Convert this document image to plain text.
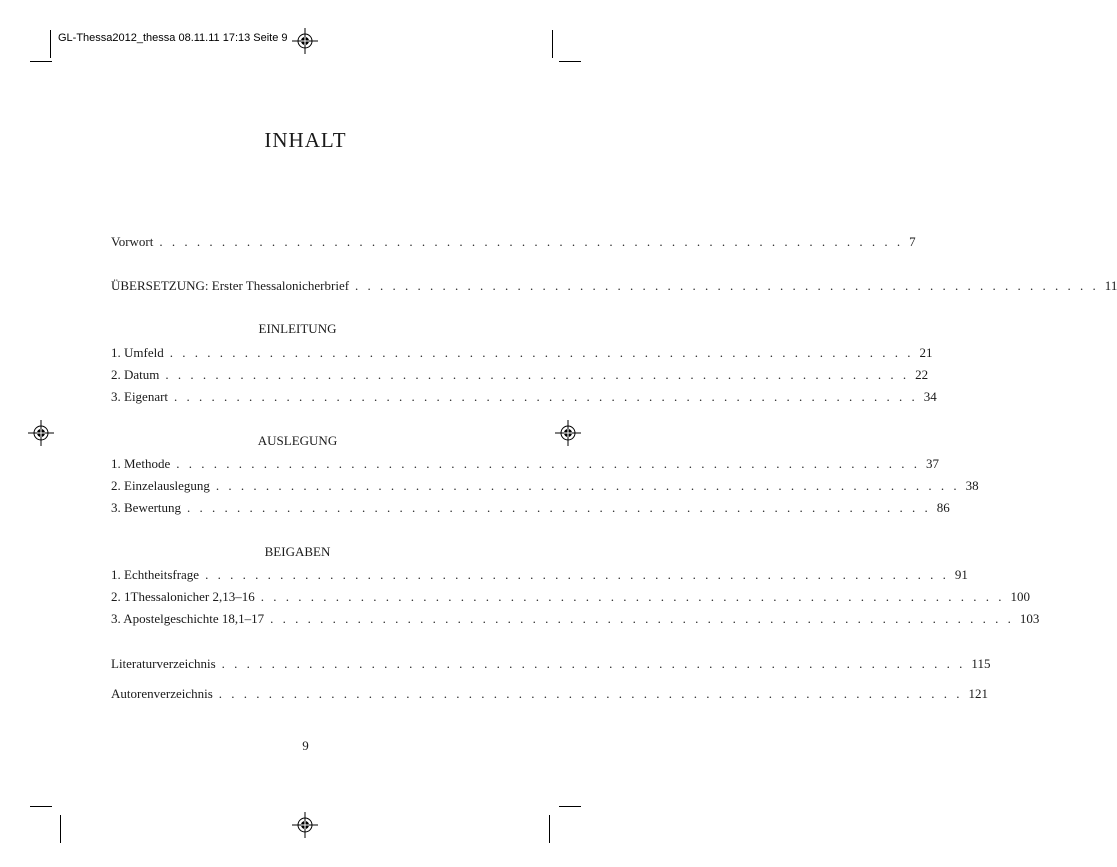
GL-Thessa2012_thessa 08.11.11 17:13 Seite 9
INHALT
Vorwort . . . . . . . . . . . . . . . . . . . . . . . . . . . . . . . . . . . . . . . . . . . . . . . . . . . . . . . . . . . . 7
ÜBERSETZUNG: Erster Thessalonicherbrief . . . . . . . . . . . . . . . . . . . . . . . . . . . . . . . . . . . . . . . . . . . . . . . . . . . . . . . . . . . . 11
EINLEITUNG
1. Umfeld . . . . . . . . . . . . . . . . . . . . . . . . . . . . . . . . . . . . . . . . . . . . . . . . . . . . . . . . . . . . 21
2. Datum . . . . . . . . . . . . . . . . . . . . . . . . . . . . . . . . . . . . . . . . . . . . . . . . . . . . . . . . . . . . 22
3. Eigenart . . . . . . . . . . . . . . . . . . . . . . . . . . . . . . . . . . . . . . . . . . . . . . . . . . . . . . . . . . . . 34
AUSLEGUNG
1. Methode . . . . . . . . . . . . . . . . . . . . . . . . . . . . . . . . . . . . . . . . . . . . . . . . . . . . . . . . . . . . 37
2. Einzelauslegung . . . . . . . . . . . . . . . . . . . . . . . . . . . . . . . . . . . . . . . . . . . . . . . . . . . . . . . . . . . . 38
3. Bewertung . . . . . . . . . . . . . . . . . . . . . . . . . . . . . . . . . . . . . . . . . . . . . . . . . . . . . . . . . . . . 86
BEIGABEN
1. Echtheitsfrage . . . . . . . . . . . . . . . . . . . . . . . . . . . . . . . . . . . . . . . . . . . . . . . . . . . . . . . . . . . . 91
2. 1Thessalonicher 2,13–16 . . . . . . . . . . . . . . . . . . . . . . . . . . . . . . . . . . . . . . . . . . . . . . . . . . . . . . . . . . . . 100
3. Apostelgeschichte 18,1–17 . . . . . . . . . . . . . . . . . . . . . . . . . . . . . . . . . . . . . . . . . . . . . . . . . . . . . . . . . . . . 103
Literaturverzeichnis . . . . . . . . . . . . . . . . . . . . . . . . . . . . . . . . . . . . . . . . . . . . . . . . . . . . . . . . . . . . 115
Autorenverzeichnis . . . . . . . . . . . . . . . . . . . . . . . . . . . . . . . . . . . . . . . . . . . . . . . . . . . . . . . . . . . . 121
9
